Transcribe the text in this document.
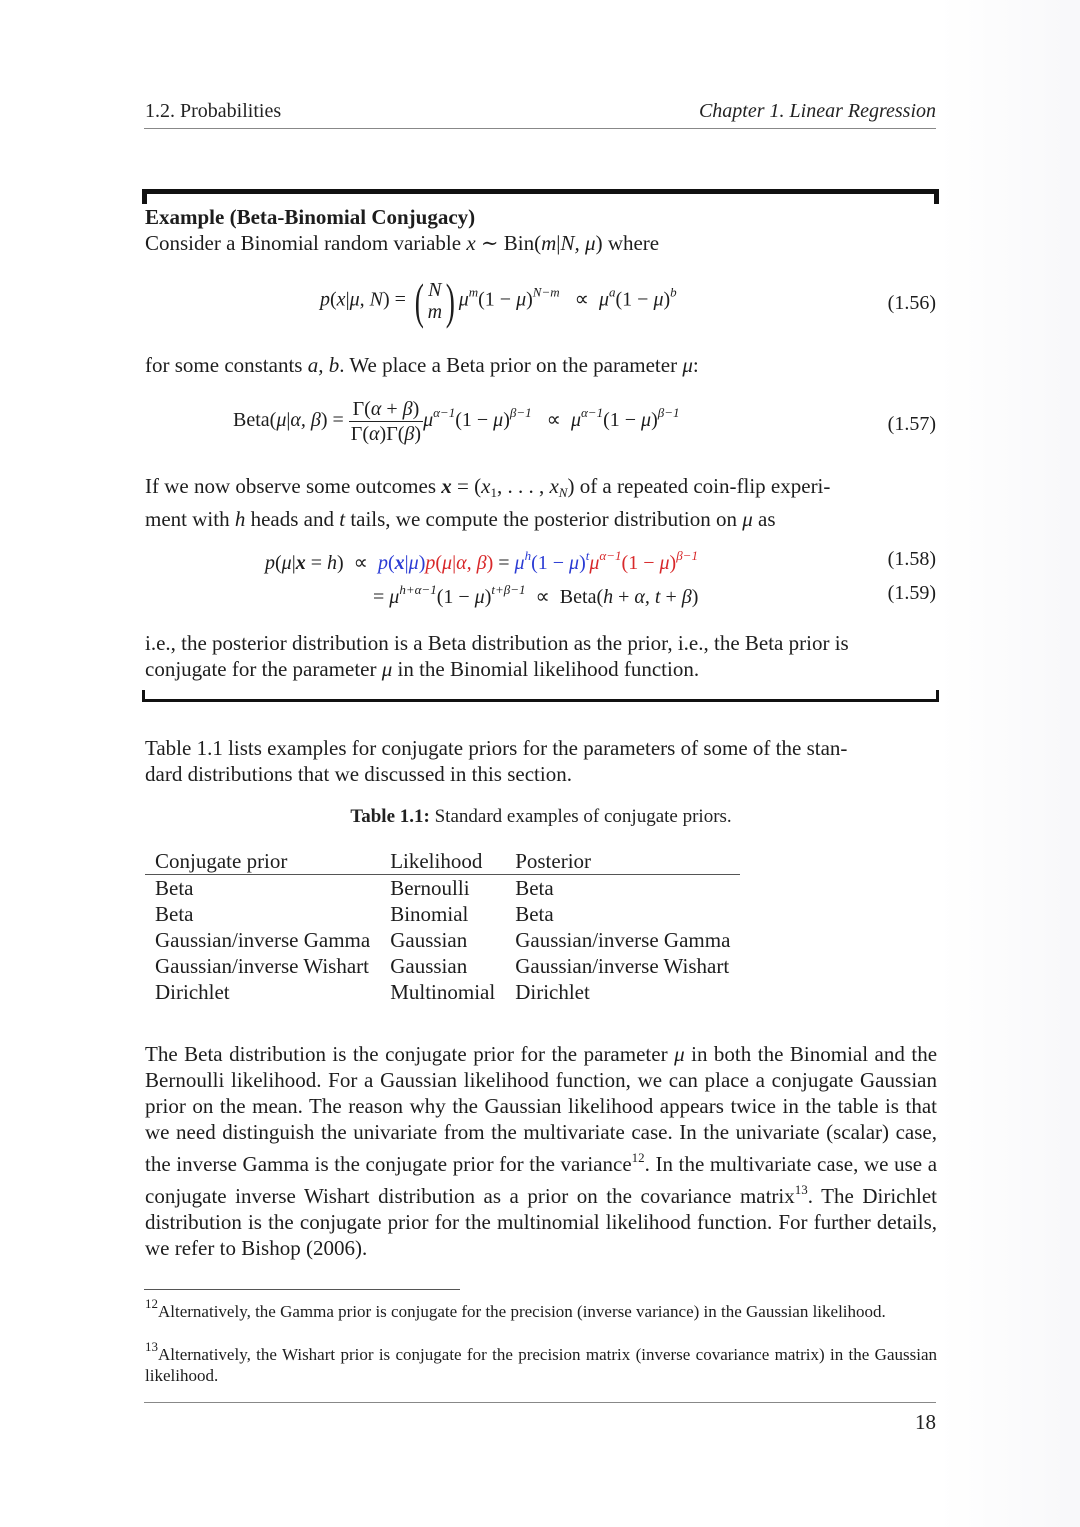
1.2. Probabilities	Chapter 1. Linear Regression
Example (Beta-Binomial Conjugacy)
Consider a Binomial random variable x ∼ Bin(m|N, μ) where
p(x|μ, N) = ( N
m ) $\mu^m(1 - \mu)^{N-m} \propto \mu^a(1 - \mu)^b$	(1.56)
for some constants a, b. We place a Beta prior on the parameter μ:
Beta(μ|α, $\beta) = \frac{\Gamma(\alpha + \beta)}{\Gamma(\alpha)\Gamma(\beta)} \mu^{\alpha-1}(1 - \mu)^{\beta-1} \propto \mu^{\alpha-1}(1 - \mu)^{\beta-1}$
(1.57)
If we now observe some outcomes $x = (x_1$, . . . , $x_N$) of a repeated coin-flip experi-
ment with h heads and t tails, we compute the posterior distribution on μ as
p(μ|x = h)  ∝  p(x|μ)p(μ|α, $\beta) = \mu^h(1 - \mu)^t\mu^{\alpha-1}(1 - \mu)^{\beta-1}$	(1.58)
= $\mu^{h+\alpha-1}(1 - \mu)^{t+\beta-1}$  ∝  Beta(h + α, t + β)	(1.59)
i.e., the posterior distribution is a Beta distribution as the prior, i.e., the Beta prior is
conjugate for the parameter μ in the Binomial likelihood function.
Table 1.1 lists examples for conjugate priors for the parameters of some of the stan-
dard distributions that we discussed in this section.
Table 1.1: Standard examples of conjugate priors.
Conjugate prior	Likelihood	Posterior
Beta	Bernoulli	Beta
Beta	Binomial	Beta
Gaussian/inverse Gamma	Gaussian	Gaussian/inverse Gamma
Gaussian/inverse Wishart	Gaussian	Gaussian/inverse Wishart
Dirichlet	Multinomial	Dirichlet
The Beta distribution is the conjugate prior for the parameter μ in both the Binomial and the Bernoulli likelihood. For a Gaussian likelihood function, we can place a conjugate Gaussian prior on the mean. The reason why the Gaussian likelihood appears twice in the table is that we need distinguish the univariate from the multivariate case. In the univariate (scalar) case, the inverse Gamma is the conjugate prior for the variance$^{12}$. In the multivariate case, we use a conjugate inverse Wishart distribution as a prior on the covariance matrix$^{13}$. The Dirichlet distribution is the conjugate prior for the multinomial likelihood function. For further details, we refer to Bishop (2006).
$^{12}$Alternatively, the Gamma prior is conjugate for the precision (inverse variance) in the Gaussian likelihood.
$^{13}$Alternatively, the Wishart prior is conjugate for the precision matrix (inverse covariance matrix) in the Gaussian likelihood.
18
